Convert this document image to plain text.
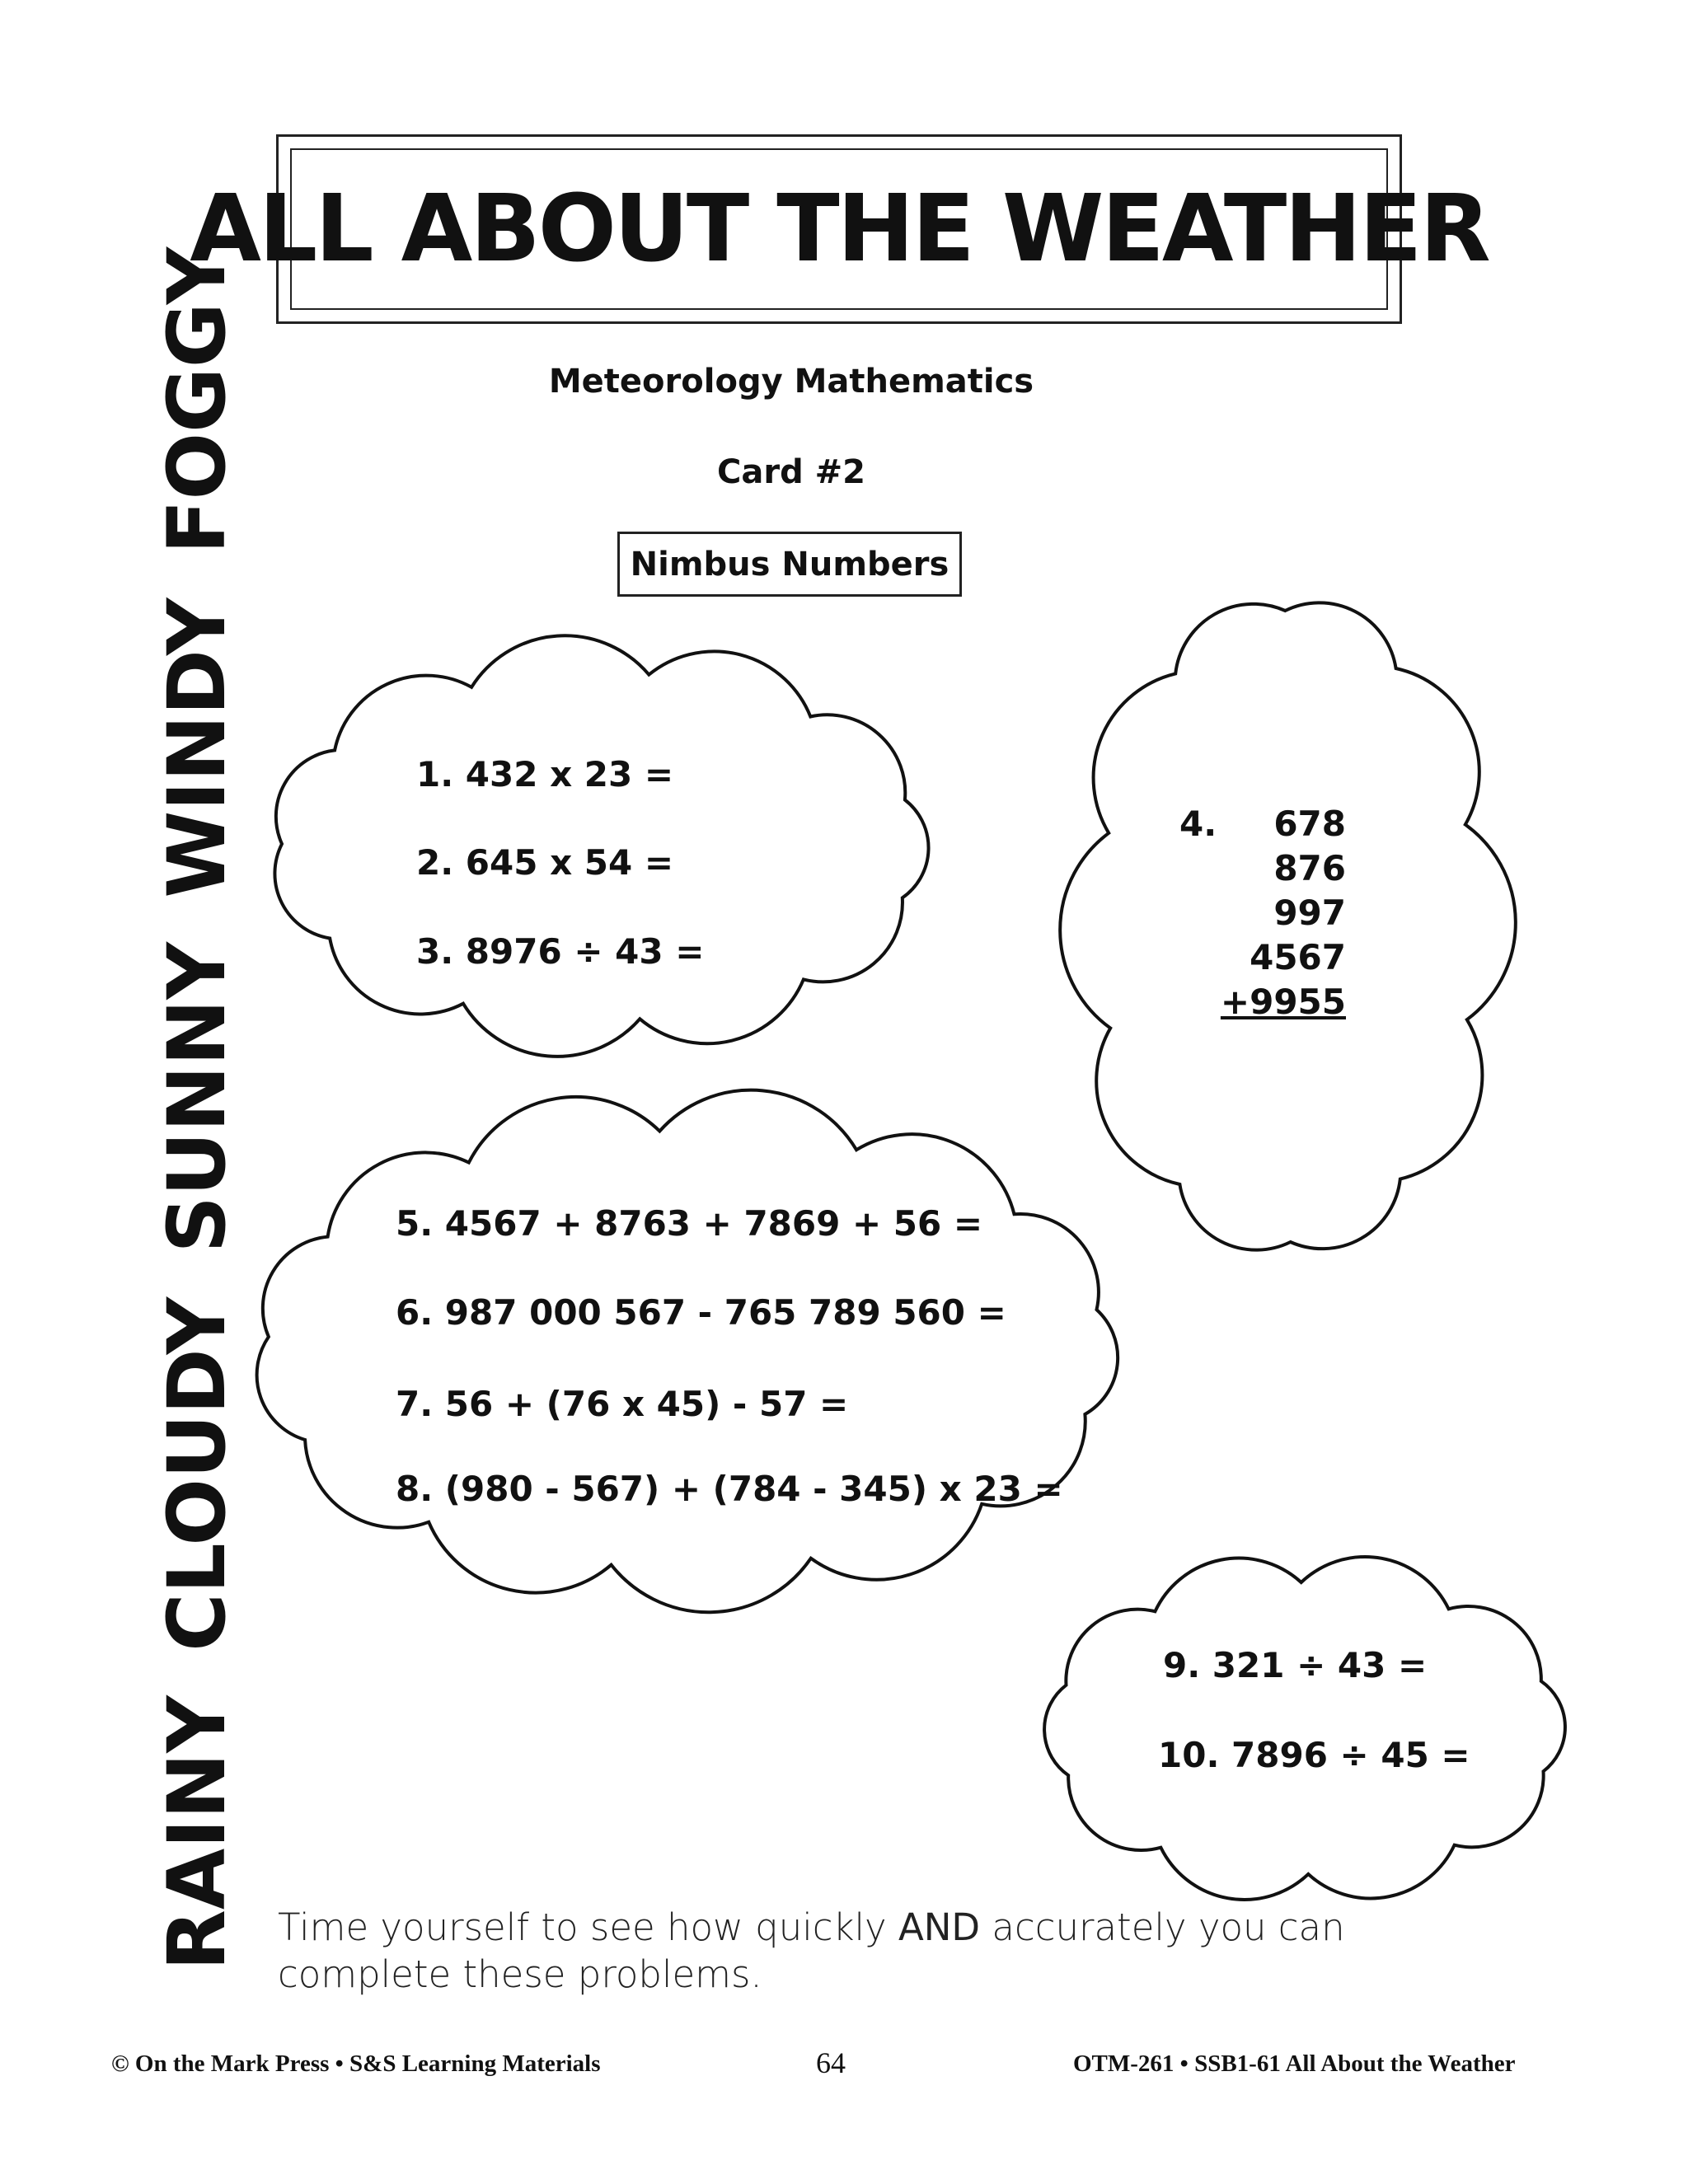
ALL ABOUT THE WEATHER
Meteorology Mathematics
Card #2
Nimbus Numbers
RAINY CLOUDY SUNNY WINDY FOGGY	1. 432 x 23 =
2. 645 x 54 =
3. 8976 ÷ 43 =
4.	678
876
997
4567
+9955
5. 4567 + 8763 + 7869 + 56 =
6. 987 000 567 - 765 789 560 =
7. 56 + (76 x 45) - 57 =
8. (980 - 567) + (784 - 345) x 23 =
9. 321 ÷ 43 =
10. 7896 ÷ 45 =
Time yourself to see how quickly AND accurately you can complete these problems.
© On the Mark Press • S&S Learning Materials	64	OTM-261 • SSB1-61 All About the Weather
